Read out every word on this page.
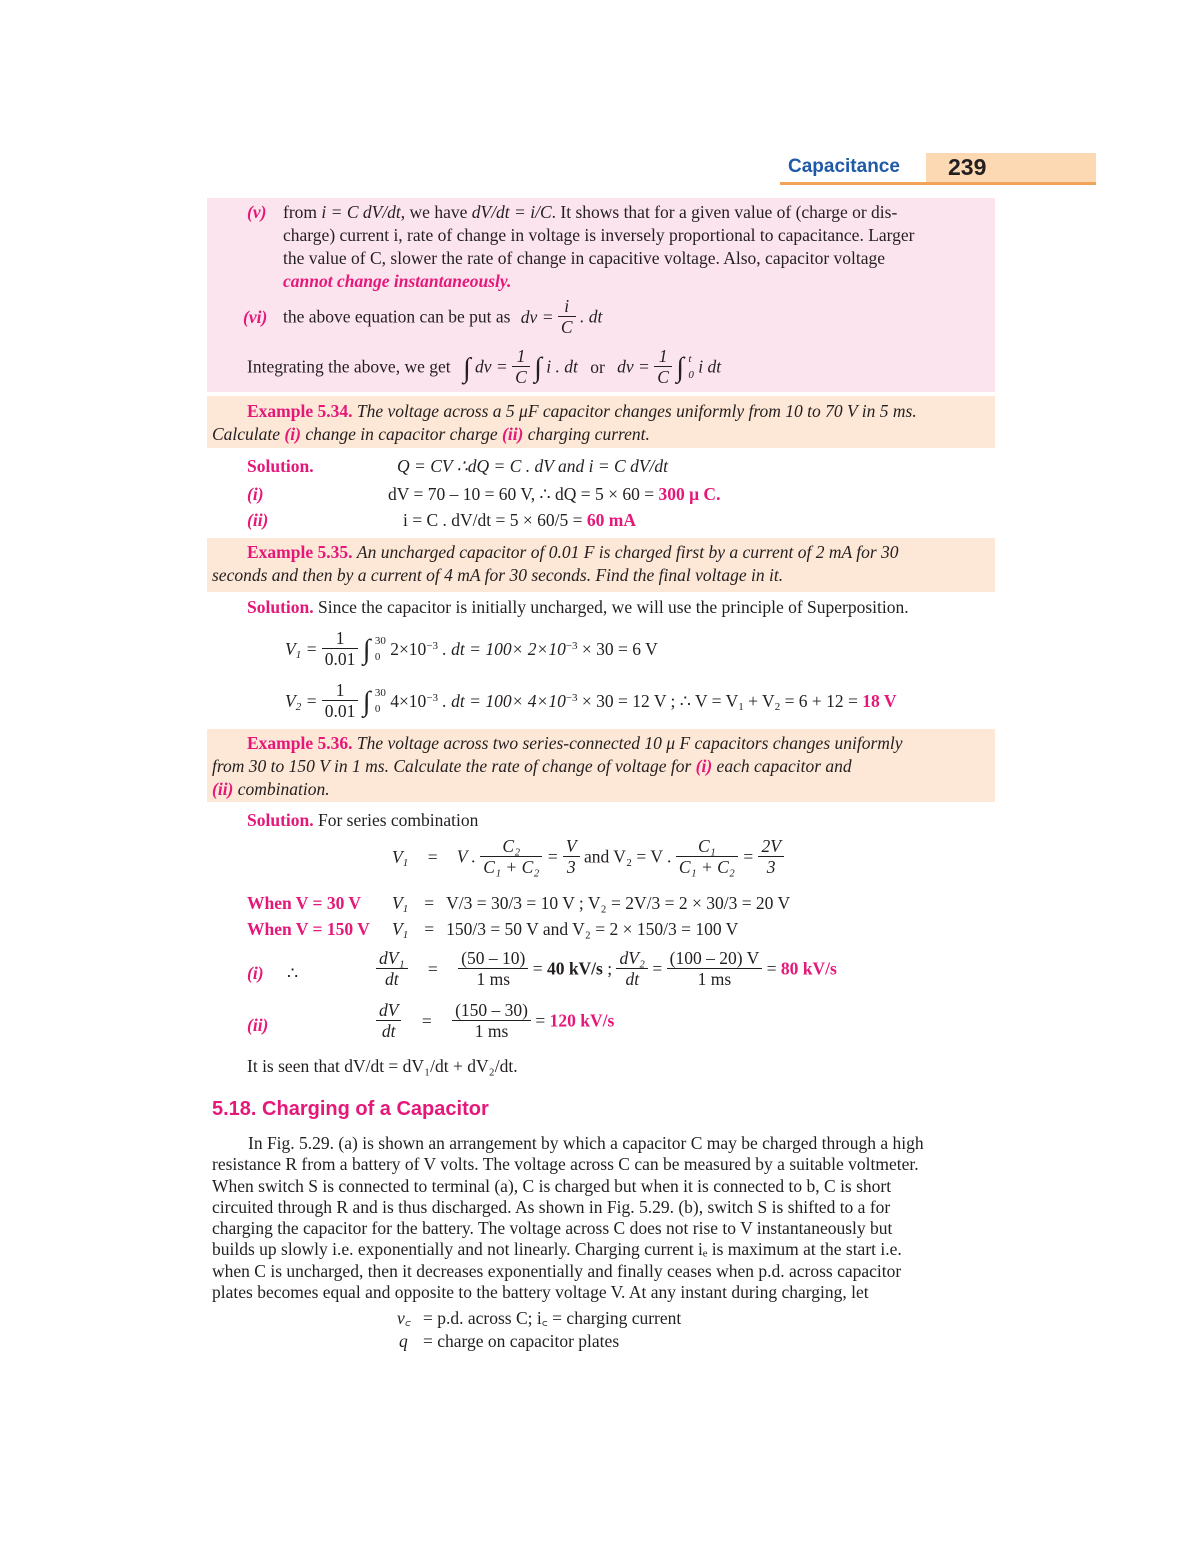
Capacitance 239
(v) from i = C dV/dt, we have dV/dt = i/C. It shows that for a given value of (charge or dis-
charge) current i, rate of change in voltage is inversely proportional to capacitance. Larger
the value of C, slower the rate of change in capacitive voltage. Also, capacitor voltage
cannot change instantaneously.
(vi) the above equation can be put as dv = $\frac{i}{C}$ . dt
Integrating the above, we get ∫ dv = $\frac{1}{C}$ ∫ i . dt or dv = $\frac{1}{C}$ ∫ t
0 i dt
Example 5.34. The voltage across a 5 μF capacitor changes uniformly from 10 to 70 V in 5 ms.
Calculate (i) change in capacitor charge (ii) charging current.
Solution.	Q = CV ∴dQ = C . dV and i = C dV/dt
(i)	dV = 70 – 10 = 60 V, ∴ dQ = 5 × 60 = 300 μ C.
(ii)	i = C . dV/dt = 5 × 60/5 = 60 mA
Example 5.35. An uncharged capacitor of 0.01 F is charged first by a current of 2 mA for 30
seconds and then by a current of 4 mA for 30 seconds. Find the final voltage in it.
Solution. Since the capacitor is initially uncharged, we will use the principle of Superposition.
$V_1 = \frac{1}{0.01}$ ∫ 30
0 $2\times 10^{-3}$ . dt = $100\times 2\times 10^{-3} \times 30 = 6$ V
$V_2 = \frac{1}{0.01}$ ∫ 30
0 $4\times 10^{-3}$ . dt = $100\times 4\times 10^{-3} \times 30 = 12$ V ; ∴ $V = V_1 + V_2 = 6 + 12 = 18$ V
Example 5.36. The voltage across two series-connected 10 μ F capacitors changes uniformly
from 30 to 150 V in 1 ms. Calculate the rate of change of voltage for (i) each capacitor and
(ii) combination.
Solution. For series combination
$V_1 = V$ . $\frac{\text{C₂}}{\text{C₁ + C₂}} = \frac{V}{3}$ and V₂ = V . $\frac{\text{C₁}}{\text{C₁ + C₂}} = \frac{2V}{3}$
When V = 30 V $V_1 = V/3 = 30/3 = 10$ V ; V₂ = 2V/3 = 2 × 30/3 = 20 V
When V = 150 V $V_1 = 150/3 = 50$ V and V₂ = 2 × 150/3 = 100 V
(i) ∴	$\frac{\text{dV₁}}{dt} = \frac{(50 - 10)}{1 ms} = 40$ kV/s ; $\frac{\text{dV₂}}{dt} = \frac{(100 - 20) V}{1 ms} = 80$ kV/s
(ii)	$\frac{dV}{dt} = \frac{(150 - 30)}{1 ms} = 120$ kV/s
It is seen that dV/dt = dV₁/dt + dV₂/dt.
5.18. Charging of a Capacitor
In Fig. 5.29. (a) is shown an arrangement by which a capacitor C may be charged through a high
resistance R from a battery of V volts. The voltage across C can be measured by a suitable voltmeter.
When switch S is connected to terminal (a), C is charged but when it is connected to b, C is short
circuited through R and is thus discharged. As shown in Fig. 5.29. (b), switch S is shifted to a for
charging the capacitor for the battery. The voltage across C does not rise to V instantaneously but
builds up slowly i.e. exponentially and not linearly. Charging current iₑ is maximum at the start i.e.
when C is uncharged, then it decreases exponentially and finally ceases when p.d. across capacitor
plates becomes equal and opposite to the battery voltage V. At any instant during charging, let
v꜀ = p.d. across C; i꜀ = charging current
q = charge on capacitor plates
